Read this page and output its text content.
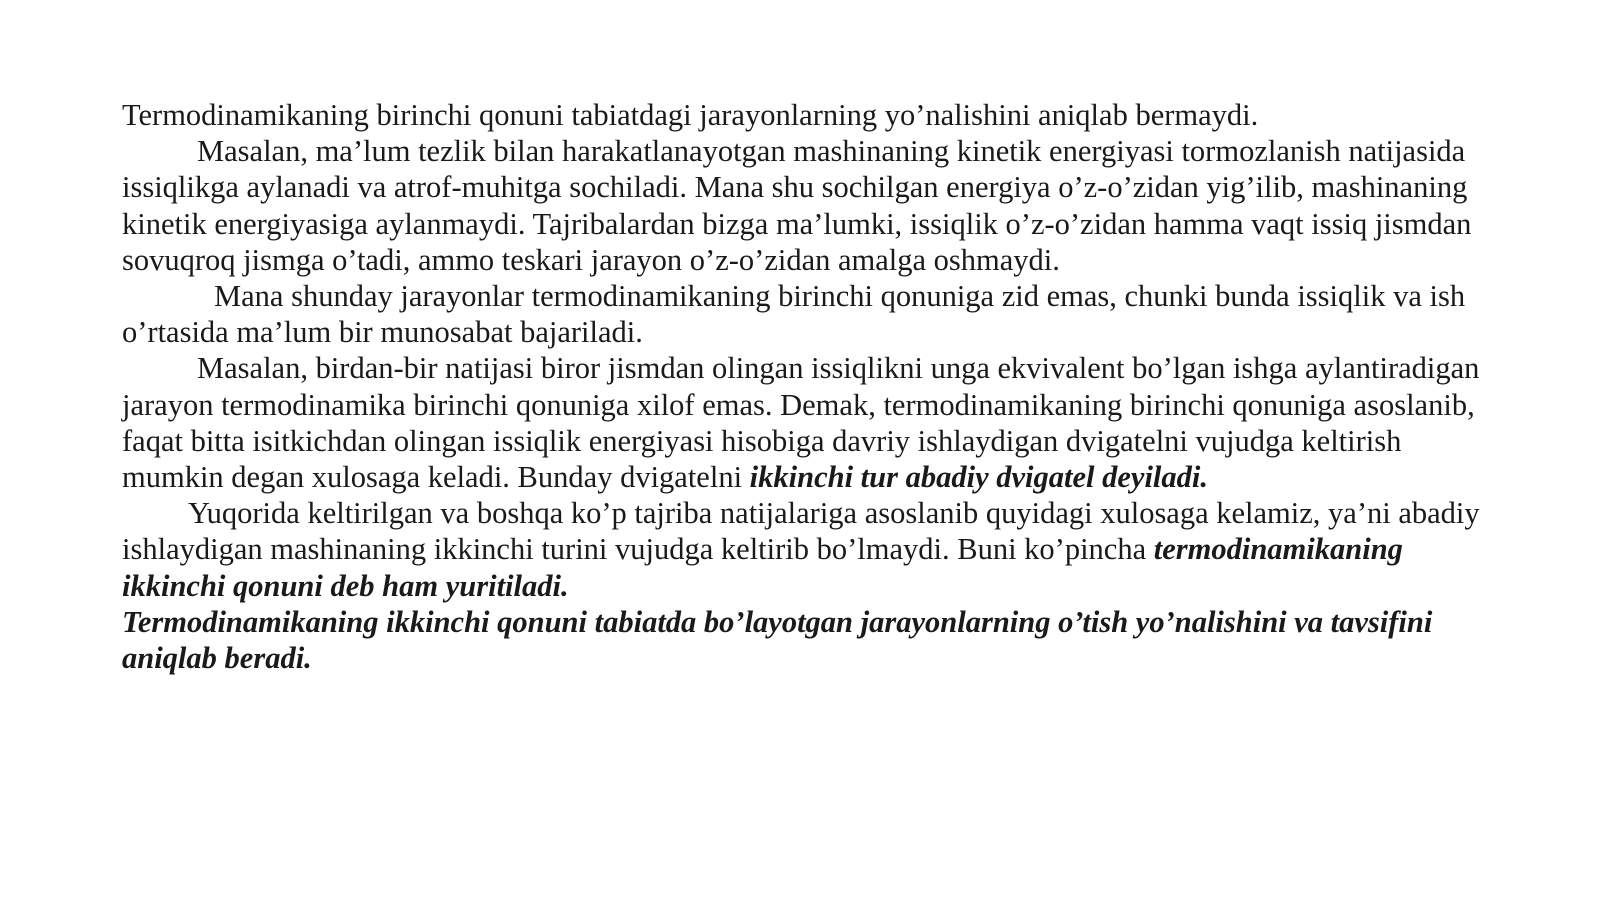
Termodinamikaning birinchi qonuni tabiatdagi jarayonlarning yo’nalishini aniqlab bermaydi.

Masalan, ma’lum tezlik bilan harakatlanayotgan mashinaning kinetik energiyasi tormozlanish natijasida issiqlikga aylanadi va atrof-muhitga sochiladi. Mana shu sochilgan energiya o’z-o’zidan yig’ilib, mashinaning kinetik energiyasiga aylanmaydi. Tajribalardan bizga ma’lumki, issiqlik o’z-o’zidan hamma vaqt issiq jismdan sovuqroq jismga o’tadi, ammo teskari jarayon o’z-o’zidan amalga oshmaydi.

Mana shunday jarayonlar termodinamikaning birinchi qonuniga zid emas, chunki bunda issiqlik va ish o’rtasida ma’lum bir munosabat bajariladi.

Masalan, birdan-bir natijasi biror jismdan olingan issiqlikni unga ekvivalent bo’lgan ishga aylantiradigan jarayon termodinamika birinchi qonuniga xilof emas. Demak, termodinamikaning birinchi qonuniga asoslanib, faqat bitta isitkichdan olingan issiqlik energiyasi hisobiga davriy ishlaydigan dvigatelni vujudga keltirish mumkin degan xulosaga keladi. Bunday dvigatelni ikkinchi tur abadiy dvigatel deyiladi.

Yuqorida keltirilgan va boshqa ko’p tajriba natijalariga asoslanib quyidagi xulosaga kelamiz, ya’ni abadiy ishlaydigan mashinaning ikkinchi turini vujudga keltirib bo’lmaydi. Buni ko’pincha termodinamikaning ikkinchi qonuni deb ham yuritiladi.

Termodinamikaning ikkinchi qonuni tabiatda bo’layotgan jarayonlarning o’tish yo’nalishini va tavsifini aniqlab beradi.
